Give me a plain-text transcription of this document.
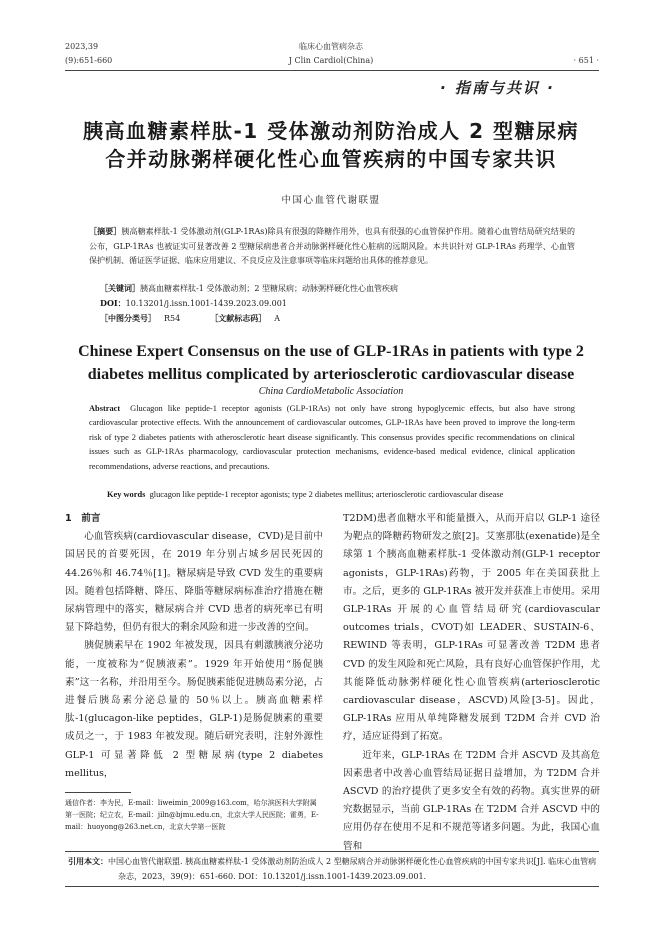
2023,39
(9):651-660
临床心血管病杂志
J Clin Cardiol(China)	· 651 ·
· 指南与共识 ·
胰高血糖素样肽-1 受体激动剂防治成人 2 型糖尿病
合并动脉粥样硬化性心血管疾病的中国专家共识
中国心血管代谢联盟
［摘要］胰高糖素样肽-1 受体激动剂(GLP-1RAs)除具有很强的降糖作用外，也具有很强的心血管保护作用。随着心血管结局研究结果的公布，GLP-1RAs 也被证实可显著改善 2 型糖尿病患者合并动脉粥样硬化性心脏病的远期风险。本共识针对 GLP-1RAs 药理学、心血管保护机制、循证医学证据、临床应用建议、不良反应及注意事项等临床问题给出具体的推荐意见。
［关键词］胰高血糖素样肽-1 受体激动剂；2 型糖尿病；动脉粥样硬化性心血管疾病
DOI：10.13201/j.issn.1001-1439.2023.09.001
［中图分类号］ R54	［文献标志码］ A
Chinese Expert Consensus on the use of GLP-1RAs in patients with type 2
diabetes mellitus complicated by arteriosclerotic cardiovascular disease
China CardioMetabolic Association
Abstract Glucagon like peptide-1 receptor agonists (GLP-1RAs) not only have strong hypoglycemic effects, but also have strong cardiovascular protective effects. With the announcement of cardiovascular outcomes, GLP-1RAs have been proved to improve the long-term risk of type 2 diabetes patients with atherosclerotic heart disease significantly. This consensus provides specific recommendations on clinical issues such as GLP-1RAs pharmacology, cardiovascular protection mechanisms, evidence-based medical evidence, clinical application recommendations, adverse reactions, and precautions.
Key words glucagon like peptide-1 receptor agonists; type 2 diabetes mellitus; arteriosclerotic cardiovascular disease

1　前言

心血管疾病(cardiovascular disease，CVD)是目前中国居民的首要死因，在 2019 年分别占城乡居民死因的 44.26％和 46.74％[1]。糖尿病是导致 CVD 发生的重要病因。随着包括降糖、降压、降脂等糖尿病标准治疗措施在糖尿病管理中的落实，糖尿病合并 CVD 患者的病死率已有明显下降趋势，但仍有很大的剩余风险和进一步改善的空间。

胰促胰素早在 1902 年被发现，因具有刺激胰液分泌功能，一度被称为“促胰液素”。1929 年开始使用“肠促胰素”这一名称，并沿用至今。肠促胰素能促进胰岛素分泌，占进餐后胰岛素分泌总量的 50％以上。胰高血糖素样肽-1(glucagon-like peptides，GLP-1)是肠促胰素的重要成员之一，于 1983 年被发现。随后研究表明，注射外源性 GLP-1 可显著降低 2 型糖尿病(type 2 diabetes mellitus，

通信作者：李为民，E-mail：liweimin_2009@163.com，哈尔滨医科大学附属第一医院；纪立农，E-mail：jiln@bjmu.edu.cn，北京大学人民医院；霍勇，E-mail：huoyong@263.net.cn，北京大学第一医院

T2DM)患者血糖水平和能量摄入，从而开启以 GLP-1 途径为靶点的降糖药物研发之旅[2]。艾塞那肽(exenatide)是全球第 1 个胰高血糖素样肽-1 受体激动剂(GLP-1 receptor agonists，GLP-1RAs)药物，于 2005 年在美国获批上市。之后，更多的 GLP-1RAs 被开发并获准上市使用。采用 GLP-1RAs 开展的心血管结局研究(cardiovascular outcomes trials，CVOT)如 LEADER、SUSTAIN-6、REWIND 等表明，GLP-1RAs 可显著改善 T2DM 患者 CVD 的发生风险和死亡风险，具有良好心血管保护作用，尤其能降低动脉粥样硬化性心血管疾病(arteriosclerotic cardiovascular disease，ASCVD)风险[3-5]。因此，GLP-1RAs 应用从单纯降糖发展到 T2DM 合并 CVD 治疗，适应证得到了拓宽。

近年来，GLP-1RAs 在 T2DM 合并 ASCVD 及其高危因素患者中改善心血管结局证据日益增加，为 T2DM 合并 ASCVD 的治疗提供了更多安全有效的药物。真实世界的研究数据显示，当前 GLP-1RAs 在 T2DM 合并 ASCVD 中的应用仍存在使用不足和不规范等诸多问题。为此，我国心血管和

引用本文：中国心血管代谢联盟. 胰高血糖素样肽-1 受体激动剂防治成人 2 型糖尿病合并动脉粥样硬化性心血管疾病的中国专家共识[J]. 临床心血管病杂志，2023，39(9)：651-660. DOI：10.13201/j.issn.1001-1439.2023.09.001.
